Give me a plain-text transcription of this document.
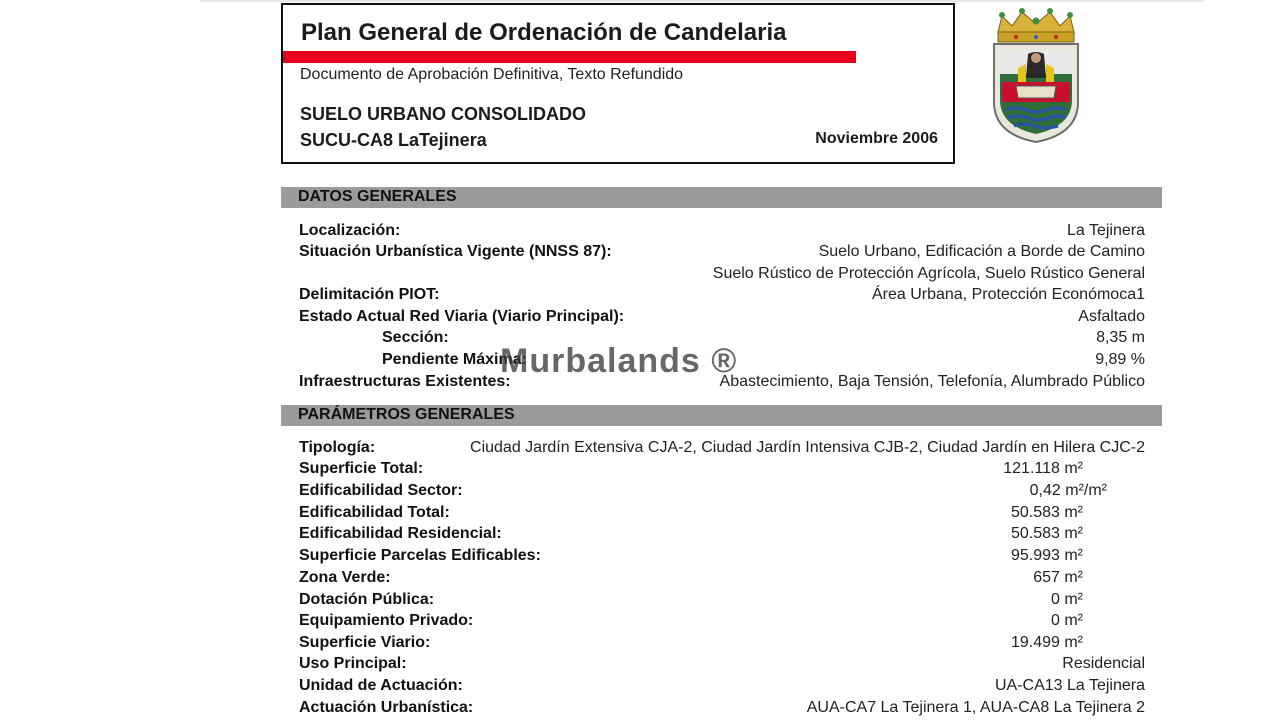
Plan General de Ordenación de Candelaria
Documento de Aprobación Definitiva, Texto Refundido
SUELO URBANO CONSOLIDADO
SUCU-CA8 LaTejinera	Noviembre 2006
DATOS GENERALES
Localización:	La Tejinera
Situación Urbanística Vigente (NNSS 87):	Suelo Urbano, Edificación a Borde de Camino
Suelo Rústico de Protección Agrícola, Suelo Rústico General
Delimitación PIOT:	Área Urbana, Protección Económoca1
Estado Actual Red Viaria (Viario Principal):	Asfaltado
Sección:	8,35 m
Pendiente Máxima:	9,89 %
Infraestructuras Existentes:	Abastecimiento, Baja Tensión, Telefonía, Alumbrado Público
PARÁMETROS GENERALES
Tipología:	Ciudad Jardín Extensiva CJA-2, Ciudad Jardín Intensiva CJB-2, Ciudad Jardín en Hilera CJC-2
Superficie Total:	121.118 m²
Edificabilidad Sector:	0,42 m²/m²
Edificabilidad Total:	50.583 m²
Edificabilidad Residencial:	50.583 m²
Superficie Parcelas Edificables:	95.993 m²
Zona Verde:	657 m²
Dotación Pública:	0 m²
Equipamiento Privado:	0 m²
Superficie Viario:	19.499 m²
Uso Principal:	Residencial
Unidad de Actuación:	UA-CA13 La Tejinera
Actuación Urbanística:	AUA-CA7 La Tejinera 1, AUA-CA8 La Tejinera 2
Murbalands ®
